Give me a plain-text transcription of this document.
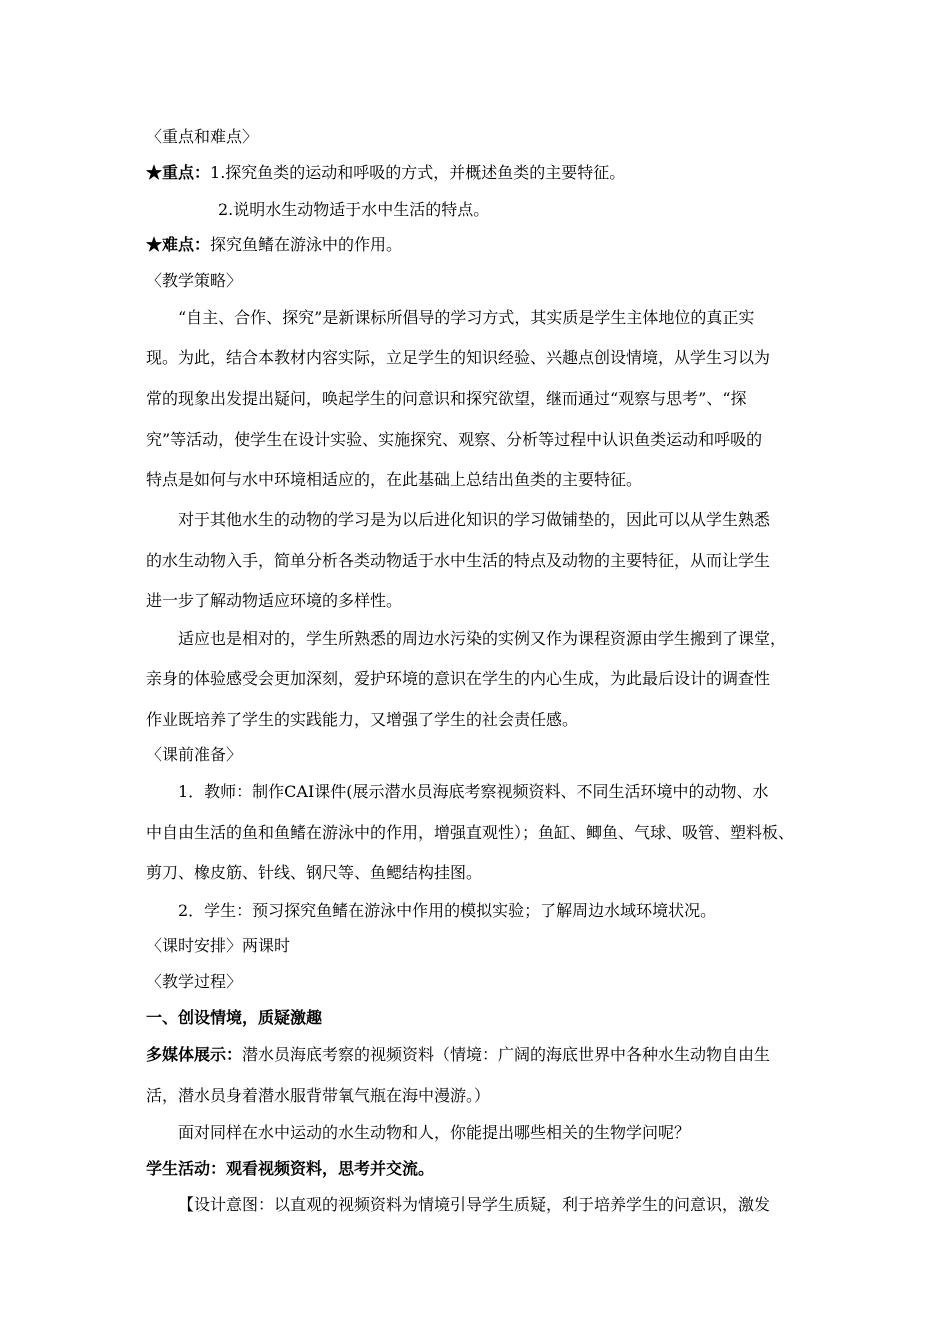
〈重点和难点〉
★重点：1.探究鱼类的运动和呼吸的方式，并概述鱼类的主要特征。
2.说明水生动物适于水中生活的特点。
★难点：探究鱼鳍在游泳中的作用。
〈教学策略〉
“自主、合作、探究”是新课标所倡导的学习方式，其实质是学生主体地位的真正实
现。为此，结合本教材内容实际，立足学生的知识经验、兴趣点创设情境，从学生习以为
常的现象出发提出疑问，唤起学生的问意识和探究欲望，继而通过“观察与思考”、“探
究”等活动，使学生在设计实验、实施探究、观察、分析等过程中认识鱼类运动和呼吸的
特点是如何与水中环境相适应的，在此基础上总结出鱼类的主要特征。
对于其他水生的动物的学习是为以后进化知识的学习做铺垫的，因此可以从学生熟悉
的水生动物入手，简单分析各类动物适于水中生活的特点及动物的主要特征，从而让学生
进一步了解动物适应环境的多样性。
适应也是相对的，学生所熟悉的周边水污染的实例又作为课程资源由学生搬到了课堂，
亲身的体验感受会更加深刻，爱护环境的意识在学生的内心生成，为此最后设计的调查性
作业既培养了学生的实践能力，又增强了学生的社会责任感。
〈课前准备〉
1．教师：制作CAI课件(展示潜水员海底考察视频资料、不同生活环境中的动物、水
中自由生活的鱼和鱼鳍在游泳中的作用，增强直观性）；鱼缸、鲫鱼、气球、吸管、塑料板、
剪刀、橡皮筋、针线、钢尺等、鱼鳃结构挂图。
2．学生：预习探究鱼鳍在游泳中作用的模拟实验；了解周边水域环境状况。
〈课时安排〉两课时
〈教学过程〉
一、创设情境，质疑激趣
多媒体展示：潜水员海底考察的视频资料（情境：广阔的海底世界中各种水生动物自由生
活，潜水员身着潜水服背带氧气瓶在海中漫游。）
面对同样在水中运动的水生动物和人，你能提出哪些相关的生物学问呢？
学生活动：观看视频资料，思考并交流。
【设计意图：以直观的视频资料为情境引导学生质疑，利于培养学生的问意识，激发
